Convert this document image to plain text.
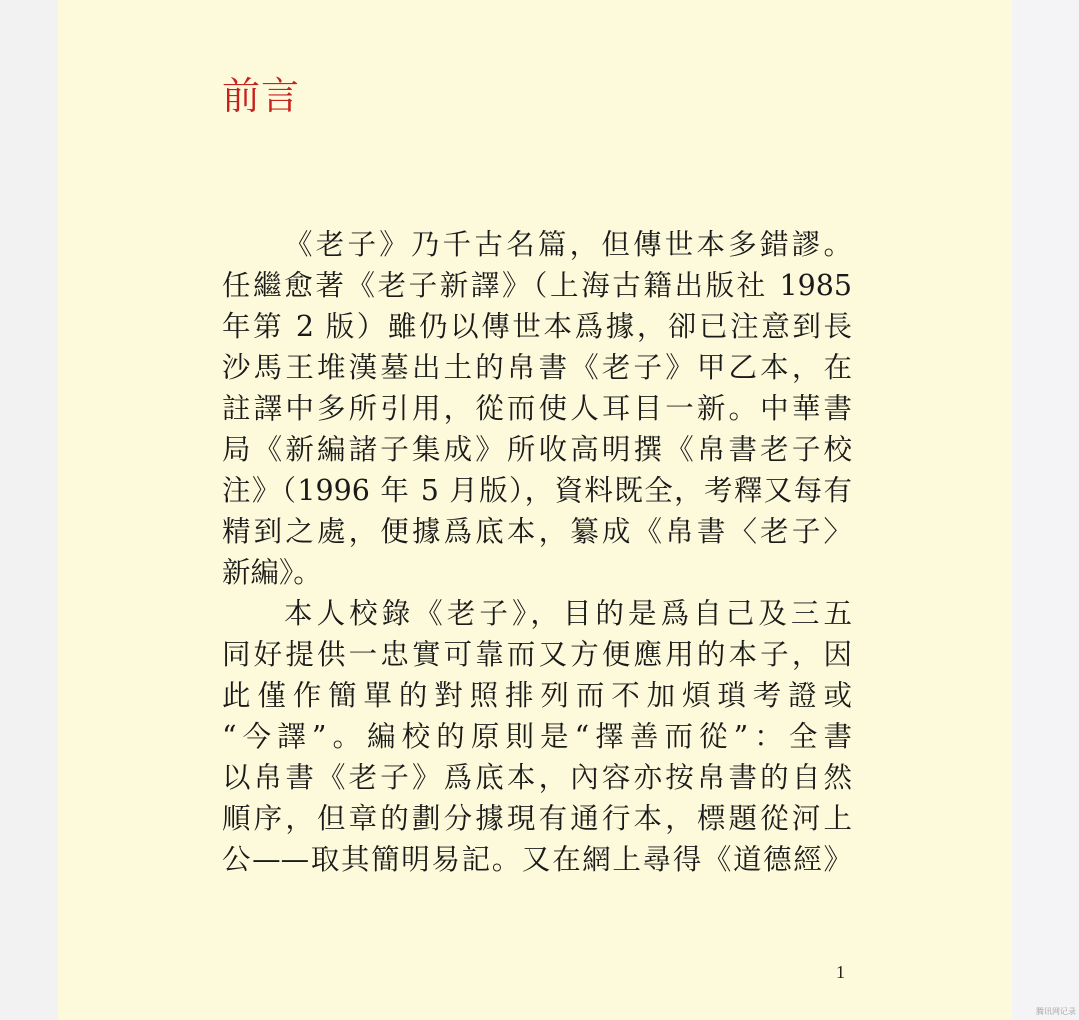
前言
《老子》乃千古名篇，但傳世本多錯謬。
任繼愈著《老子新譯》（上海古籍出版社 1985
年第 2 版）雖仍以傳世本爲據，卻已注意到長
沙馬王堆漢墓出土的帛書《老子》甲乙本，在
註譯中多所引用，從而使人耳目一新。中華書
局《新編諸子集成》所收高明撰《帛書老子校
注》（1996 年 5 月版），資料既全，考釋又每有
精到之處，便據爲底本，纂成《帛書〈老子〉
新編》。
本人校錄《老子》，目的是爲自己及三五
同好提供一忠實可靠而又方便應用的本子，因
此僅作簡單的對照排列而不加煩瑣考證或
“今譯”。編校的原則是“擇善而從”：全書
以帛書《老子》爲底本，內容亦按帛書的自然
順序，但章的劃分據現有通行本，標題從河上
公——取其簡明易記。又在網上尋得《道德經》
1
腾讯网记录
